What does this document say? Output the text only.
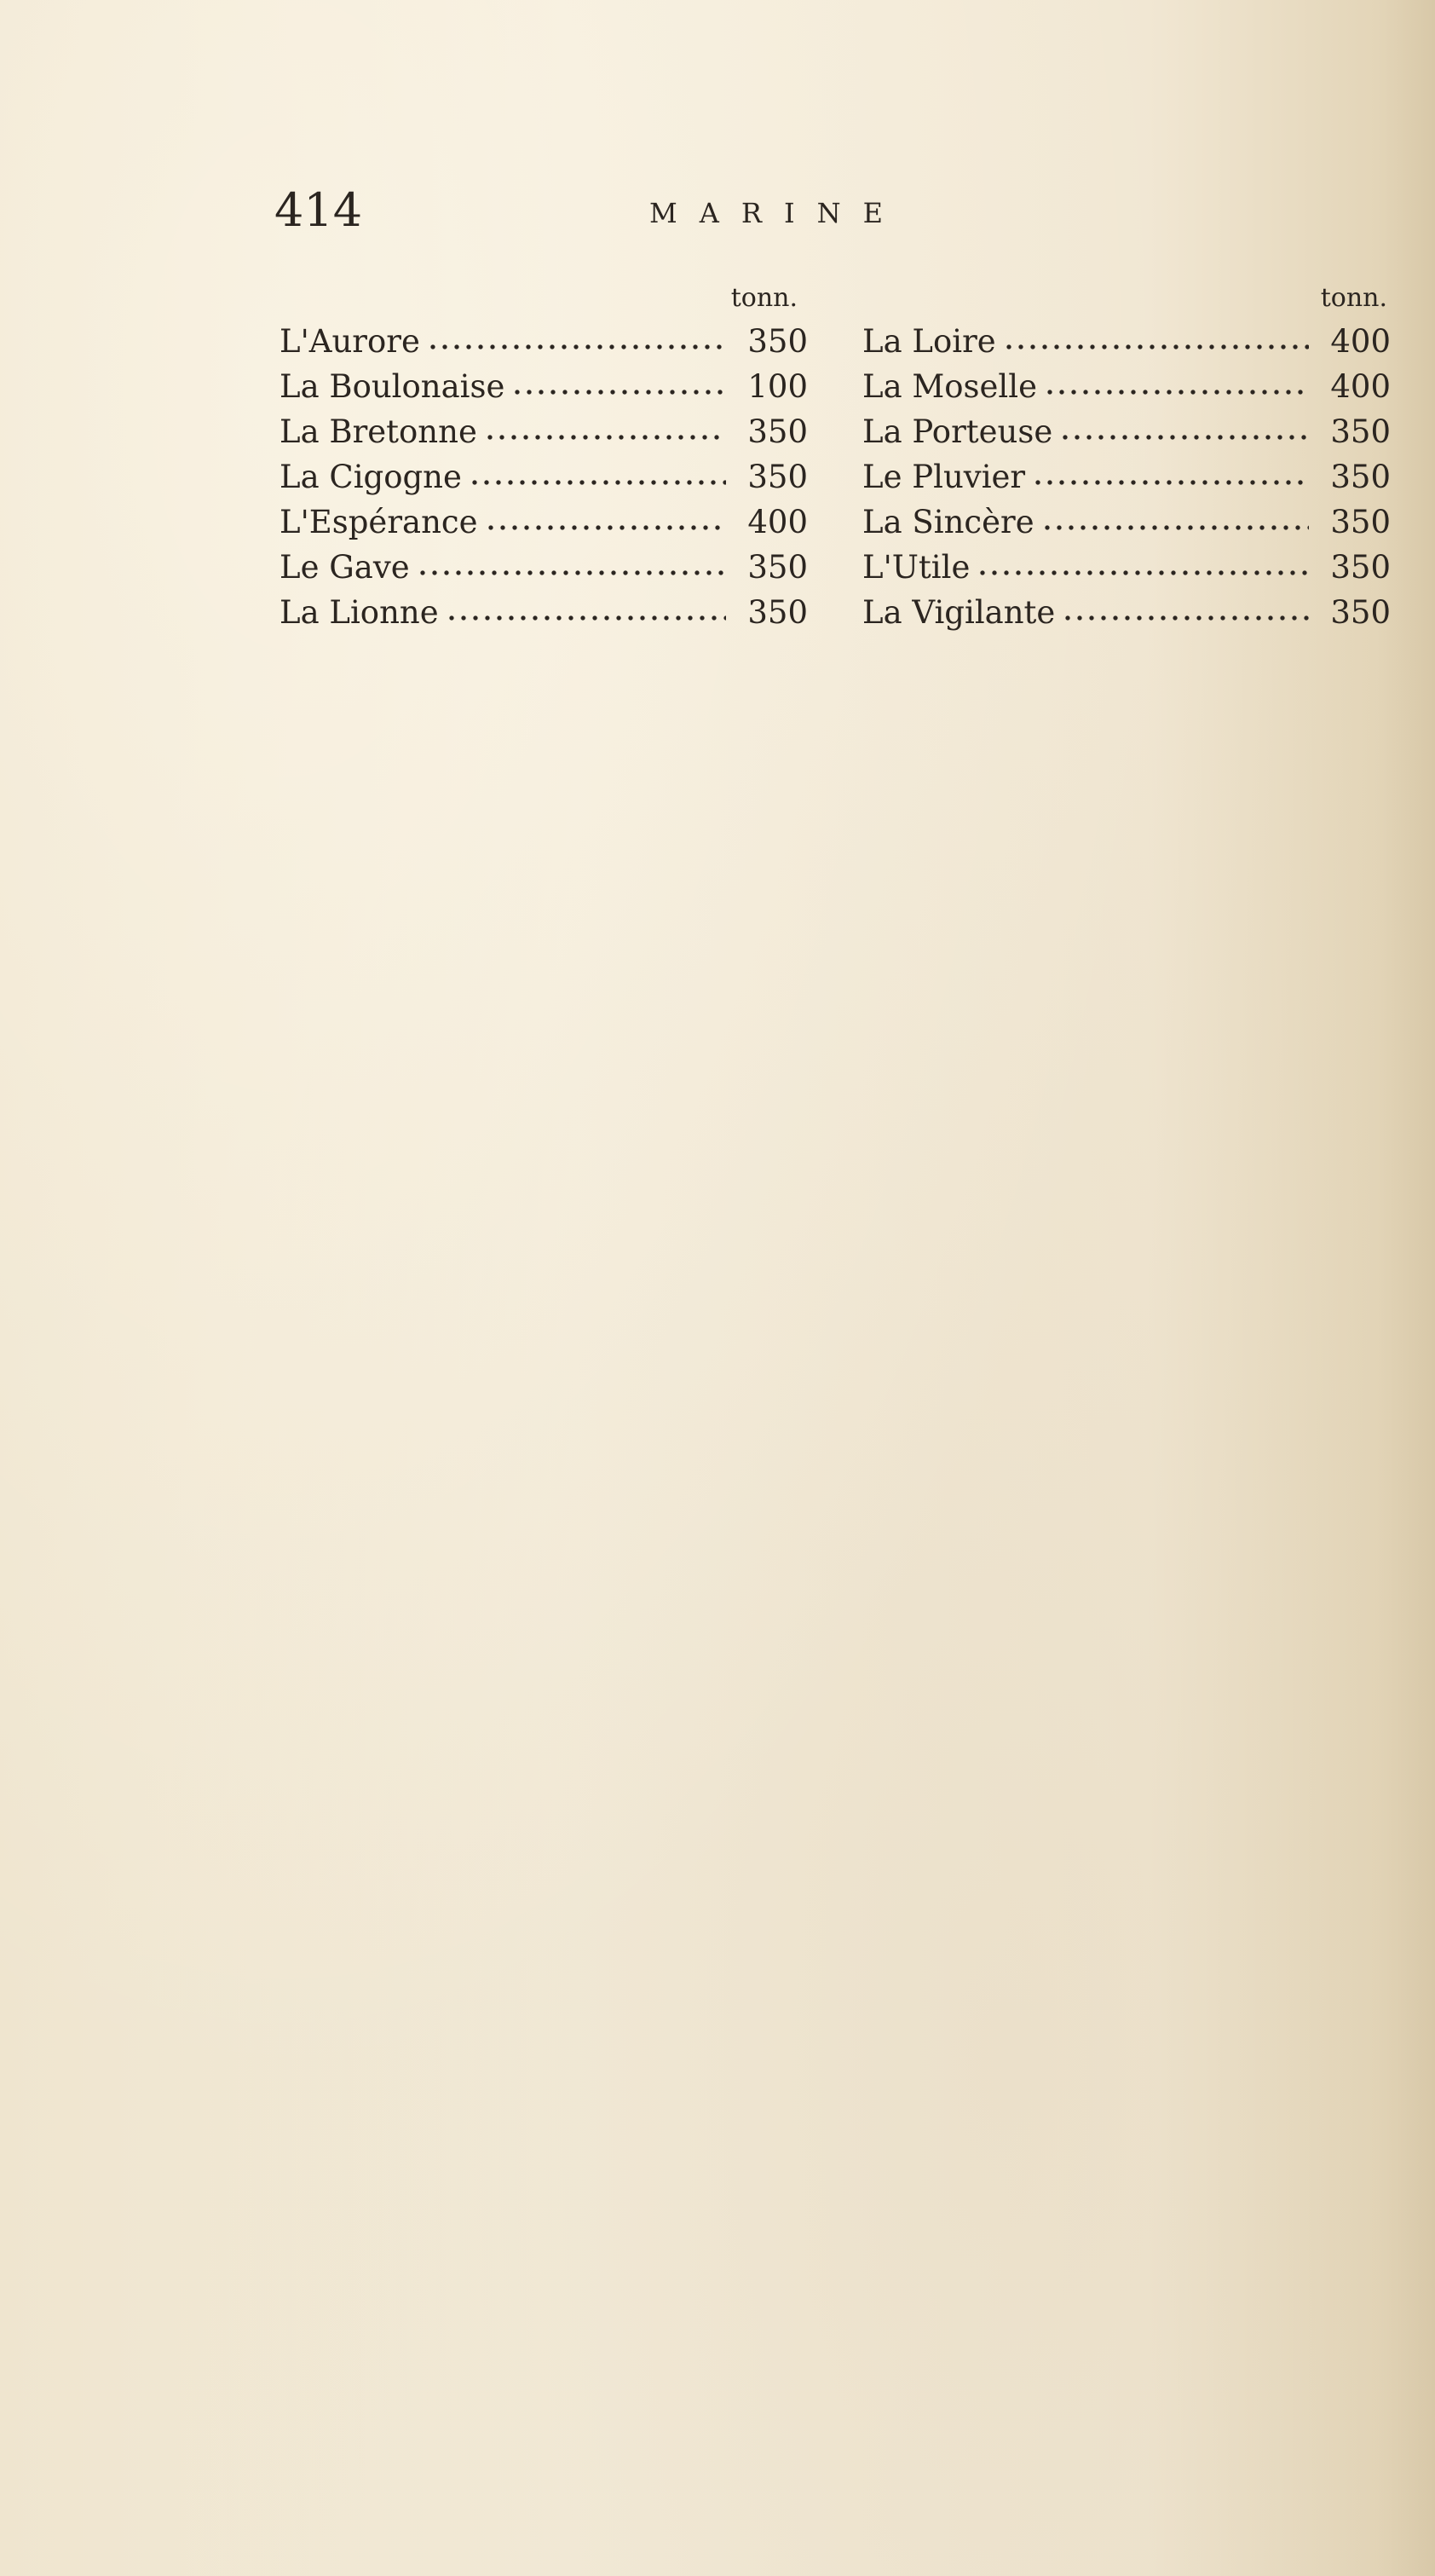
414	MARINE
tonn.
L'Aurore	350
La Boulonaise	100
La Bretonne	350
La Cigogne	350
L'Espérance	400
Le Gave	350
La Lionne	350
tonn.
La Loire	400
La Moselle	400
La Porteuse	350
Le Pluvier	350
La Sincère	350
L'Utile	350
La Vigilante	350
